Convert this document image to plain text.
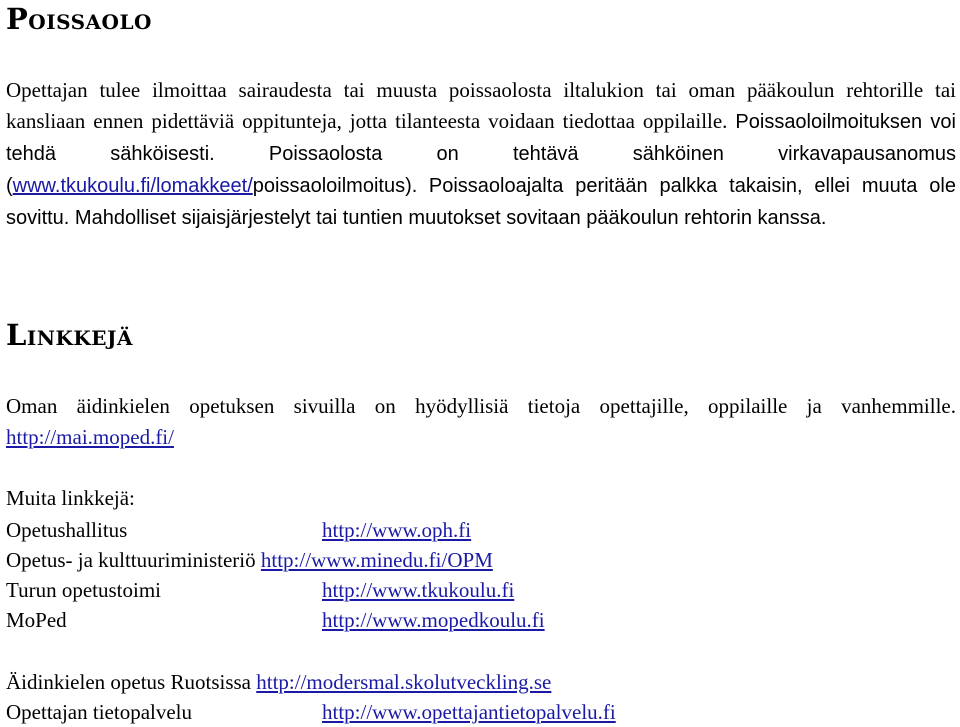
Poissaolo

Opettajan tulee ilmoittaa sairaudesta tai muusta poissaolosta iltalukion tai oman pääkoulun rehtorille tai kansliaan ennen pidettäviä oppitunteja, jotta tilanteesta voidaan tiedottaa oppilaille. Poissaoloilmoituksen voi tehdä sähköisesti. Poissaolosta on tehtävä sähköinen virkavapausanomus (www.tkukoulu.fi/lomakkeet/poissaoloilmoitus). Poissaoloajalta peritään palkka takaisin, ellei muuta ole sovittu. Mahdolliset sijaisjärjestelyt tai tuntien muutokset sovitaan pääkoulun rehtorin kanssa.

Linkkejä

Oman äidinkielen opetuksen sivuilla on hyödyllisiä tietoja opettajille, oppilaille ja vanhemmille. http://mai.moped.fi/

Muita linkkejä:
Opetushallitus	http://www.oph.fi
Opetus- ja kulttuuriministeriö http://www.minedu.fi/OPM
Turun opetustoimi	http://www.tkukoulu.fi
MoPed	http://www.mopedkoulu.fi
Äidinkielen opetus Ruotsissa http://modersmal.skolutveckling.se
Opettajan tietopalvelu	http://www.opettajantietopalvelu.fi
